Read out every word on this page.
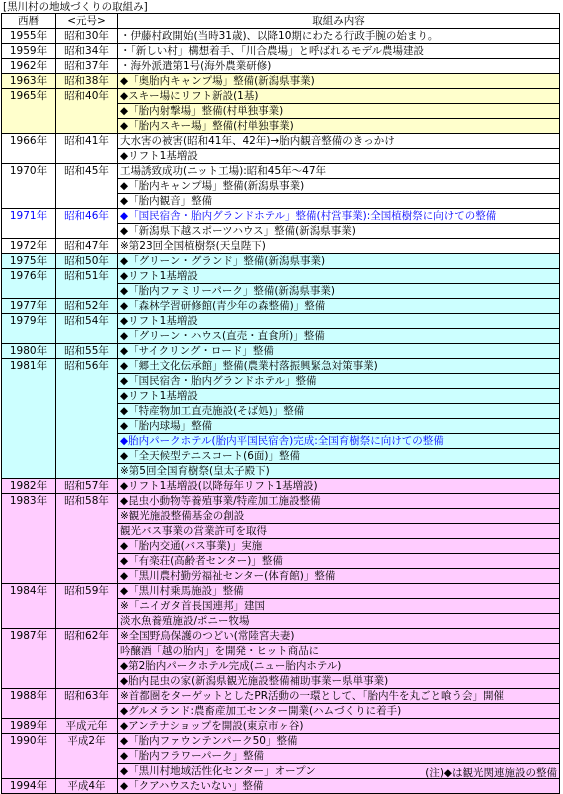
[黒川村の地域づくりの取組み]
西暦	<元号>	取組み内容
1955年	昭和30年	・伊藤村政開始(当時31歳)、以降10期にわたる行政手腕の始まり。
1959年	昭和34年	・「新しい村」構想着手、「川合農場」と呼ばれるモデル農場建設
1962年	昭和37年	・海外派遣第1号(海外農業研修)
1963年	昭和38年	◆「奥胎内キャンプ場」整備(新潟県事業)
1965年	昭和40年	◆スキー場にリフト新設(1基)
		◆「胎内射撃場」整備(村単独事業)
		◆「胎内スキー場」整備(村単独事業)
1966年	昭和41年	大水害の被害(昭和41年、42年)→胎内観音整備のきっかけ
		◆リフト1基増設
1970年	昭和45年	工場誘致成功(ニット工場):昭和45年～47年
		◆「胎内キャンプ場」整備(新潟県事業)
		◆「胎内観音」整備
1971年	昭和46年	◆「国民宿舎・胎内グランドホテル」整備(村営事業):全国植樹祭に向けての整備
		◆「新潟県下越スポーツハウス」整備(新潟県事業)
1972年	昭和47年	※第23回全国植樹祭(天皇陛下)
1975年	昭和50年	◆「グリーン・グランド」整備(新潟県事業)
1976年	昭和51年	◆リフト1基増設
		◆「胎内ファミリーパーク」整備(新潟県事業)
1977年	昭和52年	◆「森林学習研修館(青少年の森整備)」整備
1979年	昭和54年	◆リフト1基増設
		◆「グリーン・ハウス(直売・直食所)」整備
1980年	昭和55年	◆「サイクリング・ロード」整備
1981年	昭和56年	◆「郷土文化伝承館」整備(農業村落振興緊急対策事業)
		◆「国民宿舎・胎内グランドホテル」整備
		◆リフト1基増設
		◆「特産物加工直売施設(そば処)」整備
		◆「胎内球場」整備
		◆胎内パークホテル(胎内平国民宿舎)完成:全国育樹祭に向けての整備
		◆「全天候型テニスコート(6面)」整備
		※第5回全国育樹祭(皇太子殿下)
1982年	昭和57年	◆リフト1基増設(以降毎年リフト1基増設)
1983年	昭和58年	◆昆虫小動物等養殖事業/特産加工施設整備
		※観光施設整備基金の創設
		観光バス事業の営業許可を取得
		◆「胎内交通(バス事業)」実施
		◆「有楽荘(高齢者センター)」整備
		◆「黒川農村勤労福祉センター(体育館)」整備
1984年	昭和59年	◆「黒川村乗馬施設」整備
		※「ニイガタ首長国連邦」建国
		淡水魚養殖施設/ポニー牧場
1987年	昭和62年	※全国野鳥保護のつどい(常陸宮夫妻)
		吟醸酒「越の胎内」を開発・ヒット商品に
		◆第2胎内パークホテル完成(ニュー胎内ホテル)
		◆胎内昆虫の家(新潟県観光施設整備補助事業ー県単事業)
1988年	昭和63年	※首都圏をターゲットとしたPR活動の一環として、「胎内牛を丸ごと喰う会」開催
		◆グルメランド:農畜産加工センター開業(ハムづくりに着手)
1989年	平成元年	◆アンテナショップを開設(東京市ヶ谷)
1990年	平成2年	◆「胎内ファウンテンパーク50」整備
		◆「胎内フラワーパーク」整備
		◆「黒川村地域活性化センター」オープン
1994年	平成4年	◆「クアハウスたいない」整備
(注)◆は観光関連施設の整備
